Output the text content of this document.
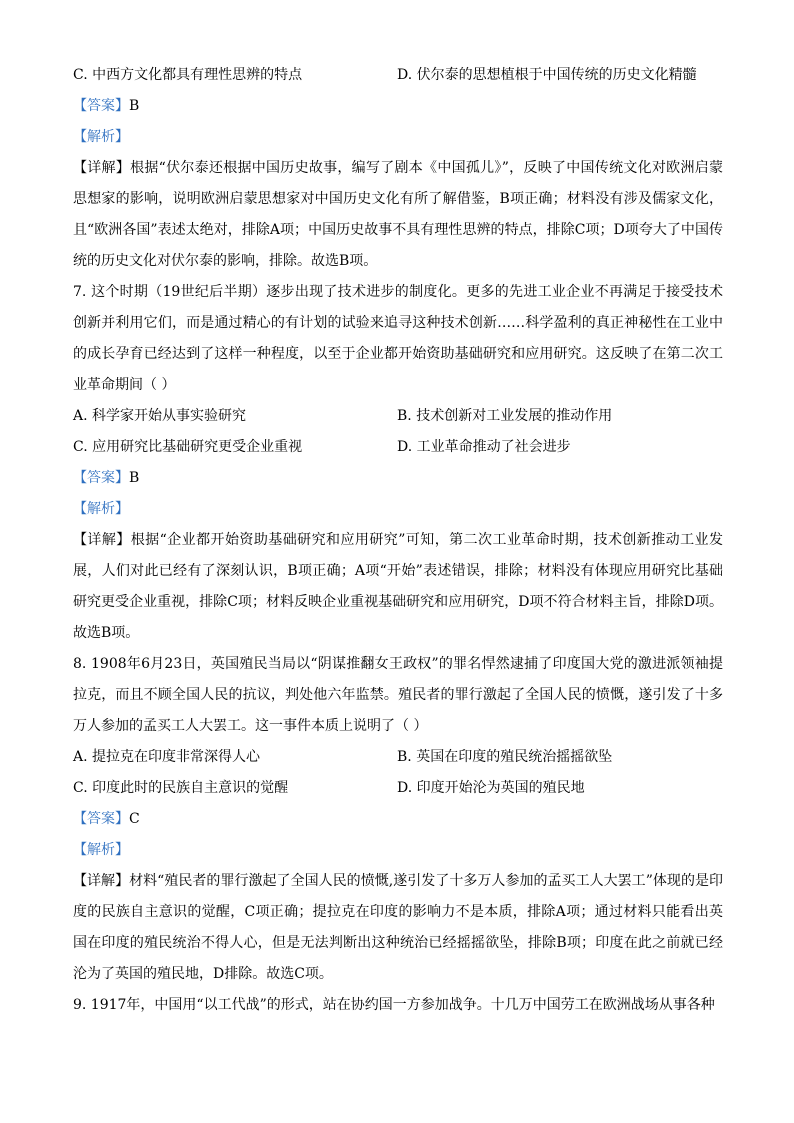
C. 中西方文化都具有理性思辨的特点	D. 伏尔泰的思想植根于中国传统的历史文化精髓
【答案】B
【解析】
【详解】根据“伏尔泰还根据中国历史故事，编写了剧本《中国孤儿》”，反映了中国传统文化对欧洲启蒙思想家的影响，说明欧洲启蒙思想家对中国历史文化有所了解借鉴，B项正确；材料没有涉及儒家文化，且“欧洲各国”表述太绝对，排除A项；中国历史故事不具有理性思辨的特点，排除C项；D项夸大了中国传统的历史文化对伏尔泰的影响，排除。故选B项。
7. 这个时期（19世纪后半期）逐步出现了技术进步的制度化。更多的先进工业企业不再满足于接受技术创新并利用它们，而是通过精心的有计划的试验来追寻这种技术创新……科学盈利的真正神秘性在工业中的成长孕育已经达到了这样一种程度，以至于企业都开始资助基础研究和应用研究。这反映了在第二次工业革命期间（ ）
A. 科学家开始从事实验研究	B. 技术创新对工业发展的推动作用
C. 应用研究比基础研究更受企业重视	D. 工业革命推动了社会进步
【答案】B
【解析】
【详解】根据“企业都开始资助基础研究和应用研究”可知，第二次工业革命时期，技术创新推动工业发展，人们对此已经有了深刻认识，B项正确；A项“开始”表述错误，排除；材料没有体现应用研究比基础研究更受企业重视，排除C项；材料反映企业重视基础研究和应用研究，D项不符合材料主旨，排除D项。故选B项。
8. 1908年6月23日，英国殖民当局以“阴谋推翻女王政权”的罪名悍然逮捕了印度国大党的激进派领袖提拉克，而且不顾全国人民的抗议，判处他六年监禁。殖民者的罪行激起了全国人民的愤慨，遂引发了十多万人参加的孟买工人大罢工。这一事件本质上说明了（ ）
A. 提拉克在印度非常深得人心	B. 英国在印度的殖民统治摇摇欲坠
C. 印度此时的民族自主意识的觉醒	D. 印度开始沦为英国的殖民地
【答案】C
【解析】
【详解】材料“殖民者的罪行激起了全国人民的愤慨,遂引发了十多万人参加的孟买工人大罢工”体现的是印度的民族自主意识的觉醒，C项正确；提拉克在印度的影响力不是本质，排除A项；通过材料只能看出英国在印度的殖民统治不得人心，但是无法判断出这种统治已经摇摇欲坠，排除B项；印度在此之前就已经沦为了英国的殖民地，D排除。故选C项。
9. 1917年，中国用“以工代战”的形式，站在协约国一方参加战争。十几万中国劳工在欧洲战场从事各种
